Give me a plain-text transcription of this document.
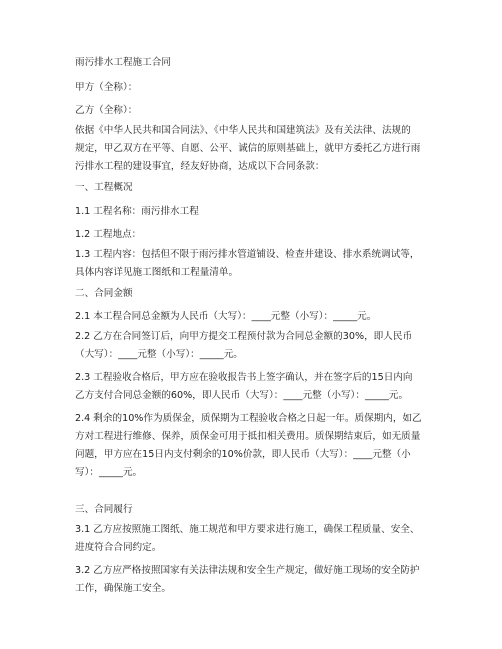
雨污排水工程施工合同
甲方（全称）：
乙方（全称）：
依据《中华人民共和国合同法》、《中华人民共和国建筑法》及有关法律、法规的
规定，甲乙双方在平等、自愿、公平、诚信的原则基础上，就甲方委托乙方进行雨
污排水工程的建设事宜，经友好协商，达成以下合同条款：
一、工程概况
1.1 工程名称：雨污排水工程
1.2 工程地点：
1.3 工程内容：包括但不限于雨污排水管道铺设、检查井建设、排水系统调试等，
具体内容详见施工图纸和工程量清单。
二、合同金额
2.1 本工程合同总金额为人民币（大写）：____元整（小写）：_____元。
2.2 乙方在合同签订后，向甲方提交工程预付款为合同总金额的30%，即人民币
（大写）：____元整（小写）：_____元。
2.3 工程验收合格后，甲方应在验收报告书上签字确认，并在签字后的15日内向
乙方支付合同总金额的60%，即人民币（大写）：____元整（小写）：_____元。
2.4 剩余的10%作为质保金，质保期为工程验收合格之日起一年。质保期内，如乙
方对工程进行维修、保养，质保金可用于抵扣相关费用。质保期结束后，如无质量
问题，甲方应在15日内支付剩余的10%价款，即人民币（大写）：____元整（小
写）：_____元。
三、合同履行
3.1 乙方应按照施工图纸、施工规范和甲方要求进行施工，确保工程质量、安全、
进度符合合同约定。
3.2 乙方应严格按照国家有关法律法规和安全生产规定，做好施工现场的安全防护
工作，确保施工安全。
